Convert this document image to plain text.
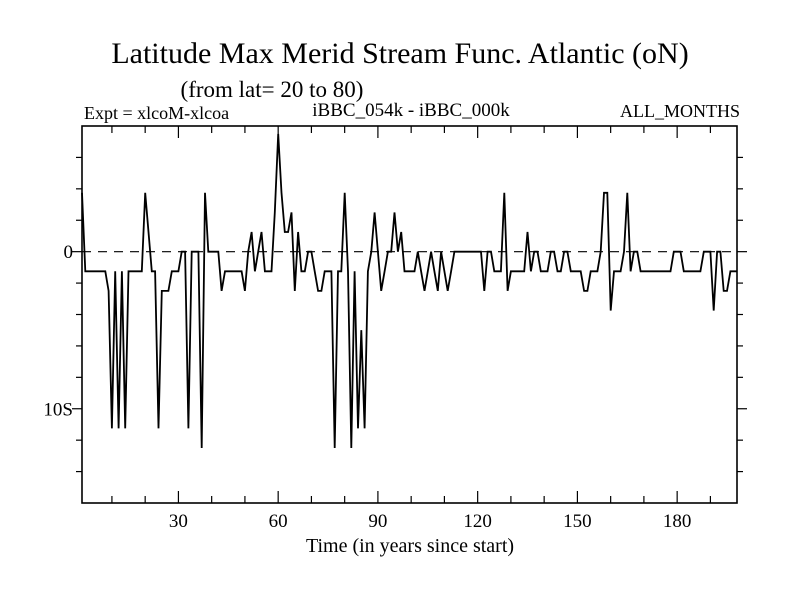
Latitude Max Merid Stream Func. Atlantic (oN)
(from lat= 20 to 80)
Expt = xlcoM-xlcoa	iBBC_054k - iBBC_000k	ALL_MONTHS
30	60	90	120	150	180
0
10S
Time (in years since start)
